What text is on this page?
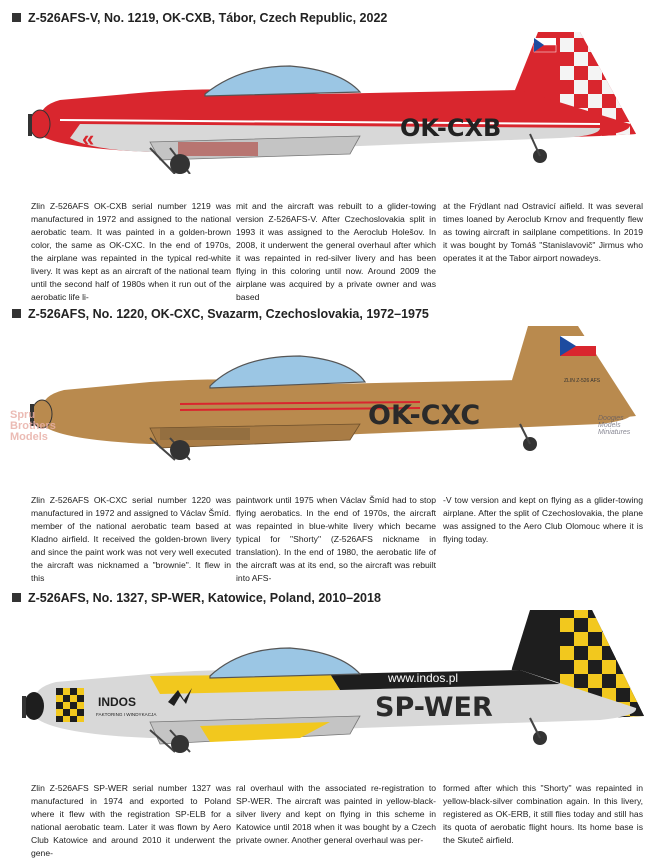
Z-526AFS-V, No. 1219, OK-CXB, Tábor, Czech Republic, 2022
«	OK-CXB
Zlin Z-526AFS OK-CXB serial number 1219 was manufactured in 1972 and assigned to the national aerobatic team. It was painted in a golden-brown color, the same as OK-CXC. In the end of 1970s, the airplane was repainted in the typical red-white livery. It was kept as an aircraft of the national team until the second half of 1980s when it run out of the aerobatic life li-
mit and the aircraft was rebuilt to a glider-towing version Z-526AFS-V. After Czechoslovakia split in 1993 it was assigned to the Aeroclub Holešov. In 2008, it underwent the general overhaul after which it was repainted in red-silver livery and has been flying in this coloring until now. Around 2009 the airplane was acquired by a private owner and was based
at the Frýdlant nad Ostravicí aifield. It was several times loaned by Aeroclub Krnov and frequently flew as towing aircraft in sailplane competitions. In 2019 it was bought by Tomáš "Stanislavovič" Jirmus who operates it at the Tabor airport nowadeys.
Z-526AFS, No. 1220, OK-CXC, Svazarm, Czechoslovakia, 1972–1975
ZLIN Z-526 AFS
OK-CXC
Spru
Brothers
Models
Doogies
Models
Miniatures
Zlin Z-526AFS OK-CXC serial number 1220 was manufactured in 1972 and assigned to Václav Šmíd. member of the national aerobatic team based at Kladno airfield. It received the golden-brown livery and since the paint work was not very well executed the aircraft was nicknamed a "brownie". It flew in this
paintwork until 1975 when Václav Šmíd had to stop flying aerobatics. In the end of 1970s, the aircraft was repainted in blue-white livery which became typical for "Shorty" (Z-526AFS nickname in translation). In the end of 1980, the aerobatic life of the aircraft was at its end, so the aircraft was rebuilt into AFS-
-V tow version and kept on flying as a glider-towing airplane. After the split of Czechoslovakia, the plane was assigned to the Aero Club Olomouc where it is flying today.
Z-526AFS, No. 1327, SP-WER, Katowice, Poland, 2010–2018
INDOS
FAKTORING I WINDYKACJA
www.indos.pl
SP-WER
Zlin Z-526AFS SP-WER serial number 1327 was manufactured in 1974 and exported to Poland where it flew with the registration SP-ELB for a national aerobatic team. Later it was flown by Aero Club Katowice and around 2010 it underwent the gene-
ral overhaul with the associated re-registration to SP-WER. The aircraft was painted in yellow-black-silver livery and kept on flying in this scheme in Katowice until 2018 when it was bought by a Czech private owner. Another general overhaul was per-
formed after which this "Shorty" was repainted in yellow-black-silver combination again. In this livery, registered as OK-ERB, it still flies today and still has its quota of aerobatic flight hours. Its home base is the Skuteč airfield.
